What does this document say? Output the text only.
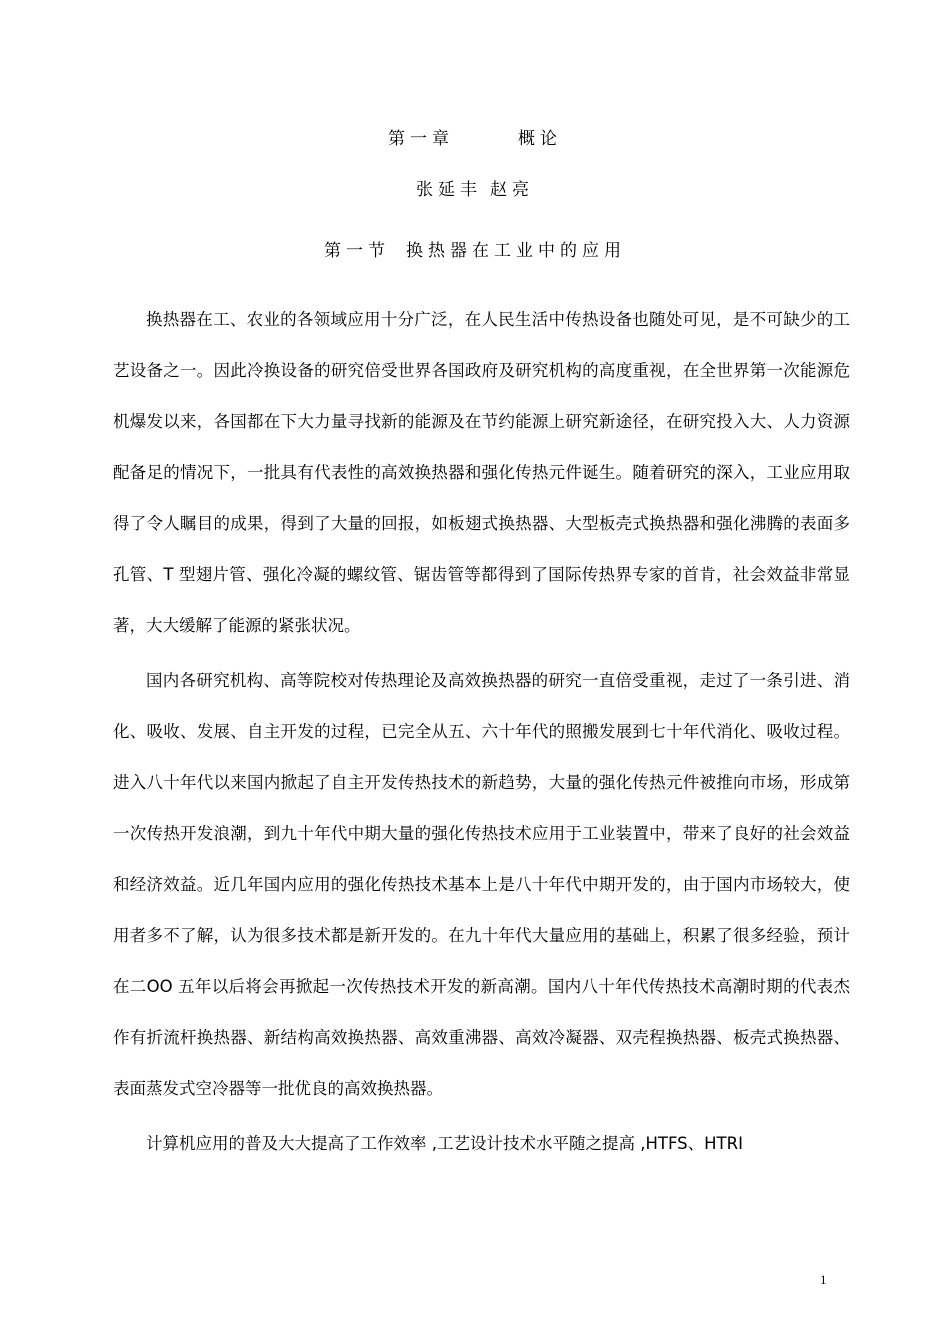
第一章	概论
张延丰 赵亮
第一节 换热器在工业中的应用

换热器在工、农业的各领域应用十分广泛，在人民生活中传热设备也随处可见，是不可缺少的工艺设备之一。因此冷换设备的研究倍受世界各国政府及研究机构的高度重视，在全世界第一次能源危机爆发以来，各国都在下大力量寻找新的能源及在节约能源上研究新途径，在研究投入大、人力资源配备足的情况下，一批具有代表性的高效换热器和强化传热元件诞生。随着研究的深入，工业应用取得了令人瞩目的成果，得到了大量的回报，如板翅式换热器、大型板壳式换热器和强化沸腾的表面多孔管、T 型翅片管、强化冷凝的螺纹管、锯齿管等都得到了国际传热界专家的首肯，社会效益非常显著，大大缓解了能源的紧张状况。

国内各研究机构、高等院校对传热理论及高效换热器的研究一直倍受重视，走过了一条引进、消化、吸收、发展、自主开发的过程，已完全从五、六十年代的照搬发展到七十年代消化、吸收过程。进入八十年代以来国内掀起了自主开发传热技术的新趋势，大量的强化传热元件被推向市场，形成第一次传热开发浪潮，到九十年代中期大量的强化传热技术应用于工业装置中，带来了良好的社会效益和经济效益。近几年国内应用的强化传热技术基本上是八十年代中期开发的，由于国内市场较大，使用者多不了解，认为很多技术都是新开发的。在九十年代大量应用的基础上，积累了很多经验，预计在二OO 五年以后将会再掀起一次传热技术开发的新高潮。国内八十年代传热技术高潮时期的代表杰作有折流杆换热器、新结构高效换热器、高效重沸器、高效冷凝器、双壳程换热器、板壳式换热器、表面蒸发式空冷器等一批优良的高效换热器。

计算机应用的普及大大提高了工作效率 ,工艺设计技术水平随之提高 ,HTFS、HTRI

1
